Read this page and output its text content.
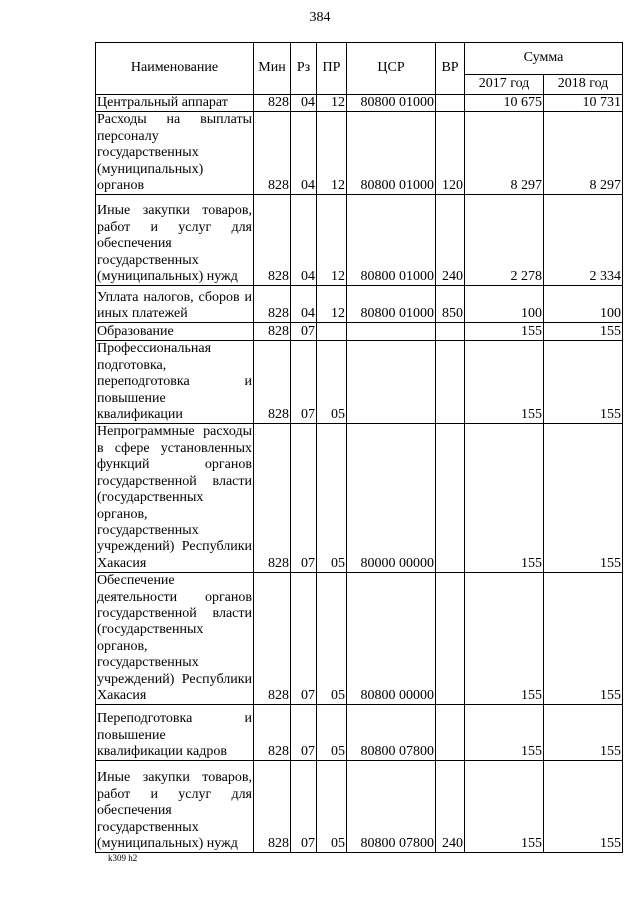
384
Наименование	Мин	Рз	ПР	ЦСР	ВР	Сумма	
						2017 год	2018 год
Центральный аппарат	828	04	12	80800 01000		10 675	10 731
Расходы на выплаты персоналу государственных (муниципальных) органов	828	04	12	80800 01000	120	8 297	8 297
Иные закупки товаров, работ и услуг для обеспечения государственных (муниципальных) нужд	828	04	12	80800 01000	240	2 278	2 334
Уплата налогов, сборов и иных платежей	828	04	12	80800 01000	850	100	100
Образование	828	07				155	155
Профессиональная подготовка, переподготовка и повышение квалификации	828	07	05			155	155
Непрограммные расходы в сфере установленных функций органов государственной власти (государственных органов, государственных учреждений) Республики Хакасия	828	07	05	80000 00000		155	155
Обеспечение деятельности органов государственной власти (государственных органов, государственных учреждений) Республики Хакасия	828	07	05	80800 00000		155	155
Переподготовка и повышение квалификации кадров	828	07	05	80800 07800		155	155
Иные закупки товаров, работ и услуг для обеспечения государственных (муниципальных) нужд	828	07	05	80800 07800	240	155	155
k309 h2
